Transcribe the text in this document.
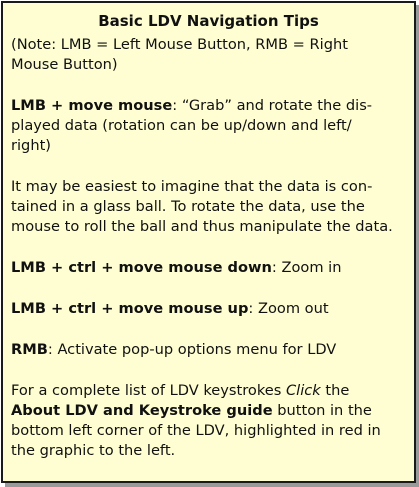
Basic LDV Navigation Tips
(Note: LMB = Left Mouse Button, RMB = Right
Mouse Button)
LMB + move mouse: “Grab” and rotate the dis-
played data (rotation can be up/down and left/
right)
It may be easiest to imagine that the data is con-
tained in a glass ball. To rotate the data, use the
mouse to roll the ball and thus manipulate the data.
LMB + ctrl + move mouse down: Zoom in
LMB + ctrl + move mouse up: Zoom out
RMB: Activate pop-up options menu for LDV
For a complete list of LDV keystrokes Click the
About LDV and Keystroke guide button in the
bottom left corner of the LDV, highlighted in red in
the graphic to the left.
